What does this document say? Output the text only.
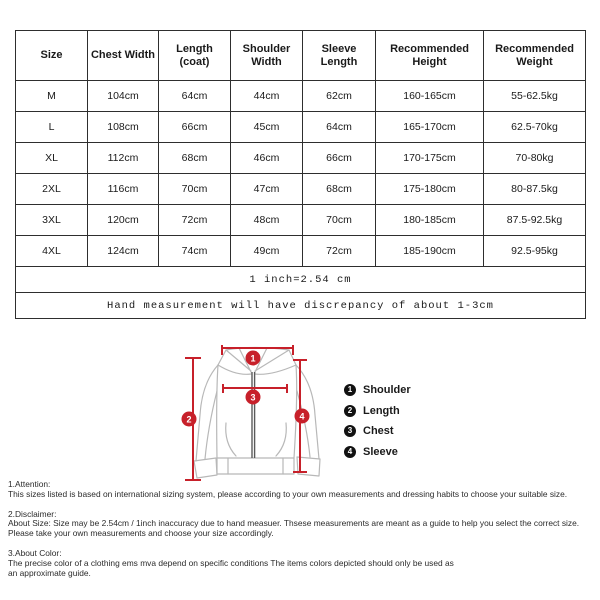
Size	Chest Width	Length (coat)	Shoulder Width	Sleeve Length	Recommended Height	Recommended Weight
M	104cm	64cm	44cm	62cm	160-165cm	55-62.5kg
L	108cm	66cm	45cm	64cm	165-170cm	62.5-70kg
XL	112cm	68cm	46cm	66cm	170-175cm	70-80kg
2XL	116cm	70cm	47cm	68cm	175-180cm	80-87.5kg
3XL	120cm	72cm	48cm	70cm	180-185cm	87.5-92.5kg
4XL	124cm	74cm	49cm	72cm	185-190cm	92.5-95kg
1 inch=2.54 cm						
Hand measurement will have discrepancy of about 1-3cm						
1
2
3
4
1 Shoulder
2 Length
3 Chest
4 Sleeve
1.Attention:
This sizes listed is based on international sizing system, please according to your own measurements and dressing habits to choose your suitable size.
2.Disclaimer:
About Size: Size may be 2.54cm / 1inch inaccuracy due to hand measuer. Thsese measurements are meant as a guide to help you select the correct size.
Please take your own measurements and choose your size accordingly.
3.About Color:
The precise color of a clothing ems mva depend on specific conditions The items colors depicted should only be used as
an approximate guide.
